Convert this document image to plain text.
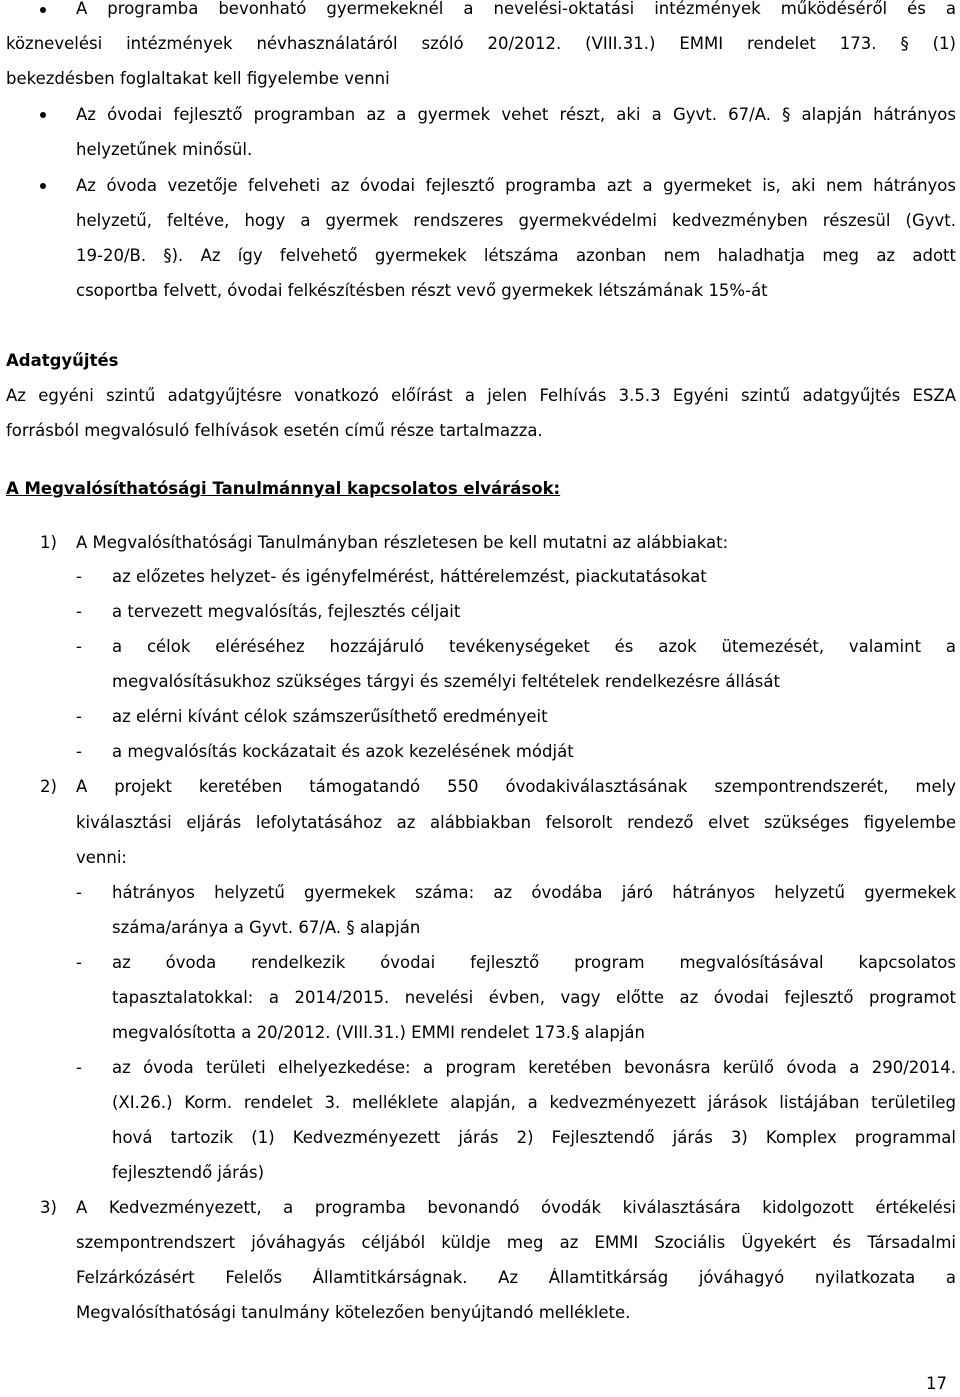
A programba bevonható gyermekeknél a nevelési-oktatási intézmények működéséről és a
köznevelési intézmények névhasználatáról szóló 20/2012. (VIII.31.) EMMI rendelet 173. § (1)
bekezdésben foglaltakat kell figyelembe venni
Az óvodai fejlesztő programban az a gyermek vehet részt, aki a Gyvt. 67/A. § alapján hátrányos
helyzetűnek minősül.
Az óvoda vezetője felveheti az óvodai fejlesztő programba azt a gyermeket is, aki nem hátrányos
helyzetű, feltéve, hogy a gyermek rendszeres gyermekvédelmi kedvezményben részesül (Gyvt.
19-20/B. §). Az így felvehető gyermekek létszáma azonban nem haladhatja meg az adott
csoportba felvett, óvodai felkészítésben részt vevő gyermekek létszámának 15%-át
Adatgyűjtés
Az egyéni szintű adatgyűjtésre vonatkozó előírást a jelen Felhívás 3.5.3 Egyéni szintű adatgyűjtés ESZA
forrásból megvalósuló felhívások esetén című része tartalmazza.
A Megvalósíthatósági Tanulmánnyal kapcsolatos elvárások:
1) A Megvalósíthatósági Tanulmányban részletesen be kell mutatni az alábbiakat:
- az előzetes helyzet- és igényfelmérést, háttérelemzést, piackutatásokat
- a tervezett megvalósítás, fejlesztés céljait
- a célok eléréséhez hozzájáruló tevékenységeket és azok ütemezését, valamint a
megvalósításukhoz szükséges tárgyi és személyi feltételek rendelkezésre állását
- az elérni kívánt célok számszerűsíthető eredményeit
- a megvalósítás kockázatait és azok kezelésének módját
2) A projekt keretében támogatandó 550 óvodakiválasztásának szempontrendszerét, mely
kiválasztási eljárás lefolytatásához az alábbiakban felsorolt rendező elvet szükséges figyelembe
venni:
- hátrányos helyzetű gyermekek száma: az óvodába járó hátrányos helyzetű gyermekek
száma/aránya a Gyvt. 67/A. § alapján
- az óvoda rendelkezik óvodai fejlesztő program megvalósításával kapcsolatos
tapasztalatokkal: a 2014/2015. nevelési évben, vagy előtte az óvodai fejlesztő programot
megvalósította a 20/2012. (VIII.31.) EMMI rendelet 173.§ alapján
- az óvoda területi elhelyezkedése: a program keretében bevonásra kerülő óvoda a 290/2014.
(XI.26.) Korm. rendelet 3. melléklete alapján, a kedvezményezett járások listájában területileg
hová tartozik (1) Kedvezményezett járás 2) Fejlesztendő járás 3) Komplex programmal
fejlesztendő járás)
3) A Kedvezményezett, a programba bevonandó óvodák kiválasztására kidolgozott értékelési
szempontrendszert jóváhagyás céljából küldje meg az EMMI Szociális Ügyekért és Társadalmi
Felzárkózásért Felelős Államtitkárságnak. Az Államtitkárság jóváhagyó nyilatkozata a
Megvalósíthatósági tanulmány kötelezően benyújtandó melléklete.
17
